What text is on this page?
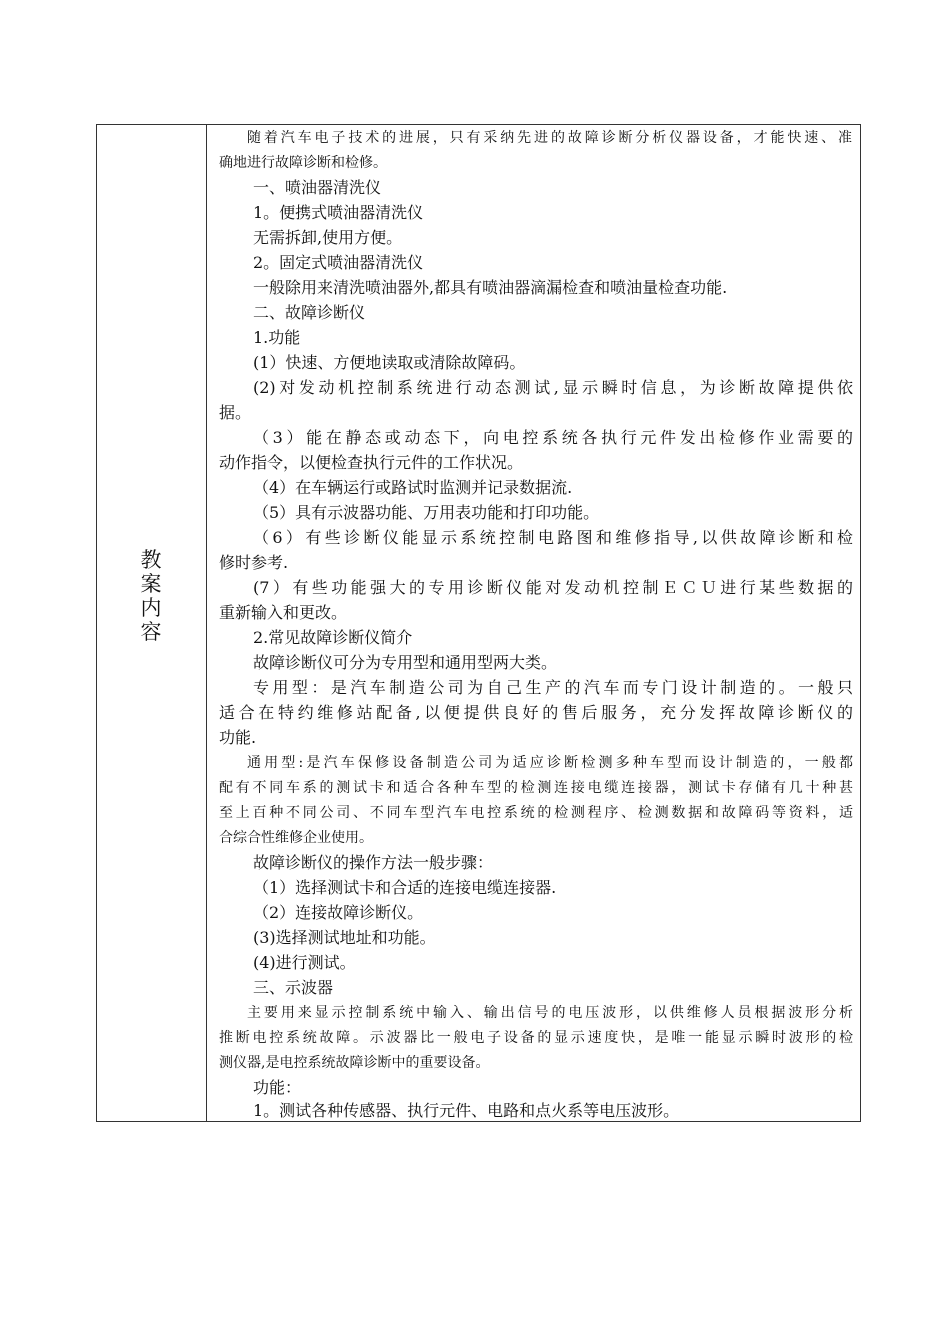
教
案
内
容
随着汽车电子技术的进展，只有采纳先进的故障诊断分析仪器设备，才能快速、准
确地进行故障诊断和检修。
一、喷油器清洗仪
1。便携式喷油器清洗仪
无需拆卸,使用方便。
2。固定式喷油器清洗仪
一般除用来清洗喷油器外,都具有喷油器滴漏检查和喷油量检查功能.
二、故障诊断仪
1.功能
(1）快速、方便地读取或清除故障码。
(2)对发动机控制系统进行动态测试,显示瞬时信息，为诊断故障提供依
据。
（3）能在静态或动态下，向电控系统各执行元件发出检修作业需要的
动作指令，以便检查执行元件的工作状况。
（4）在车辆运行或路试时监测并记录数据流.
（5）具有示波器功能、万用表功能和打印功能。
（6）有些诊断仪能显示系统控制电路图和维修指导,以供故障诊断和检
修时参考.
(7）有些功能强大的专用诊断仪能对发动机控制ＥＣＵ进行某些数据的
重新输入和更改。
2.常见故障诊断仪简介
故障诊断仪可分为专用型和通用型两大类。
专用型：是汽车制造公司为自己生产的汽车而专门设计制造的。一般只
适合在特约维修站配备,以便提供良好的售后服务，充分发挥故障诊断仪的
功能.
通用型:是汽车保修设备制造公司为适应诊断检测多种车型而设计制造的，一般都
配有不同车系的测试卡和适合各种车型的检测连接电缆连接器，测试卡存储有几十种甚
至上百种不同公司、不同车型汽车电控系统的检测程序、检测数据和故障码等资料，适
合综合性维修企业使用。
故障诊断仪的操作方法一般步骤：
（1）选择测试卡和合适的连接电缆连接器.
（2）连接故障诊断仪。
(3)选择测试地址和功能。
(4)进行测试。
三、示波器
主要用来显示控制系统中输入、输出信号的电压波形，以供维修人员根据波形分析
推断电控系统故障。示波器比一般电子设备的显示速度快，是唯一能显示瞬时波形的检
测仪器,是电控系统故障诊断中的重要设备。
功能：
1。测试各种传感器、执行元件、电路和点火系等电压波形。
